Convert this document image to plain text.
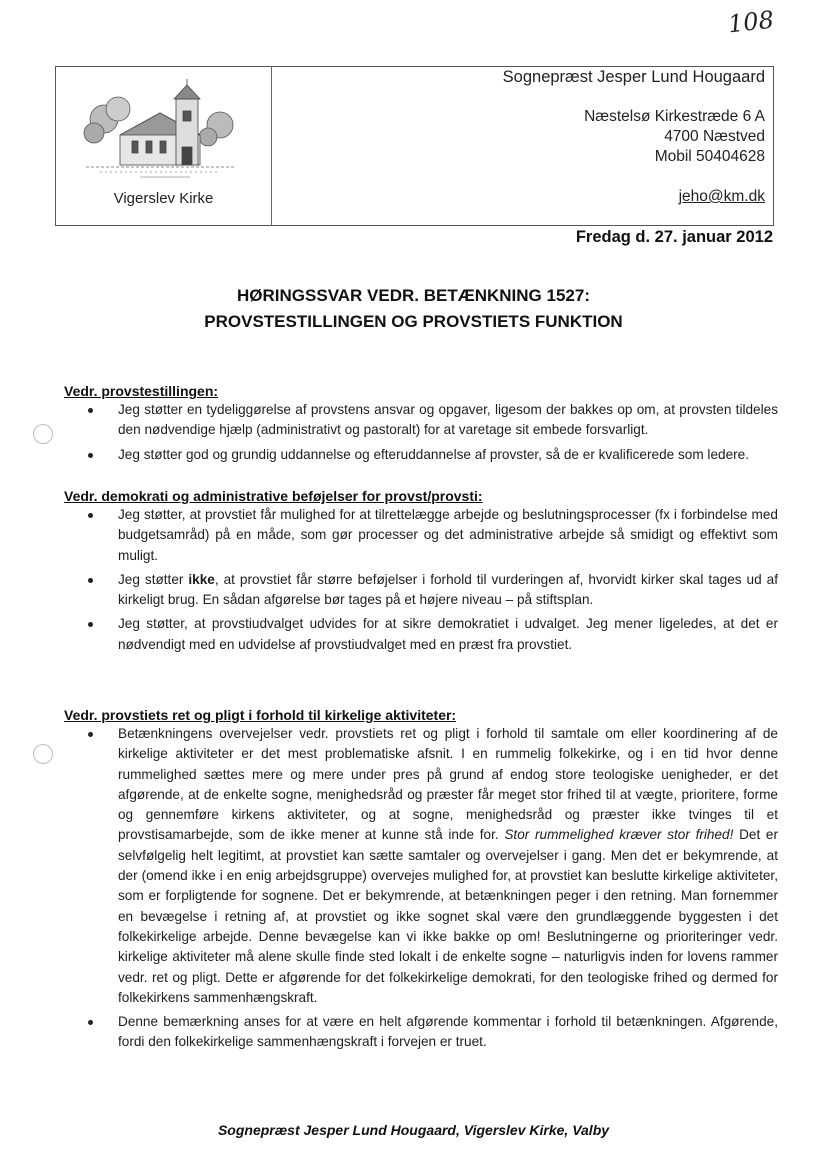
108
Vigerslev Kirke
Sognepræst Jesper Lund Hougaard
Næstelsø Kirkestræde 6 A
4700 Næstved
Mobil 50404628
jeho@km.dk
Fredag d. 27. januar 2012
HØRINGSSVAR VEDR. BETÆNKNING 1527:
PROVSTESTILLINGEN OG PROVSTIETS FUNKTION
Vedr. provstestillingen:
Jeg støtter en tydeliggørelse af provstens ansvar og opgaver, ligesom der bakkes op om, at provsten tildeles den nødvendige hjælp (administrativt og pastoralt) for at varetage sit embede forsvarligt.
Jeg støtter god og grundig uddannelse og efteruddannelse af provster, så de er kvalificerede som ledere.
Vedr. demokrati og administrative beføjelser for provst/provsti:
Jeg støtter, at provstiet får mulighed for at tilrettelægge arbejde og beslutningsprocesser (fx i forbindelse med budgetsamråd) på en måde, som gør processer og det administrative arbejde så smidigt og effektivt som muligt.
Jeg støtter ikke, at provstiet får større beføjelser i forhold til vurderingen af, hvorvidt kirker skal tages ud af kirkeligt brug. En sådan afgørelse bør tages på et højere niveau – på stiftsplan.
Jeg støtter, at provstiudvalget udvides for at sikre demokratiet i udvalget. Jeg mener ligeledes, at det er nødvendigt med en udvidelse af provstiudvalget med en præst fra provstiet.
Vedr. provstiets ret og pligt i forhold til kirkelige aktiviteter:
Betænkningens overvejelser vedr. provstiets ret og pligt i forhold til samtale om eller koordinering af de kirkelige aktiviteter er det mest problematiske afsnit. I en rummelig folkekirke, og i en tid hvor denne rummelighed sættes mere og mere under pres på grund af endog store teologiske uenigheder, er det afgørende, at de enkelte sogne, menighedsråd og præster får meget stor frihed til at vægte, prioritere, forme og gennemføre kirkens aktiviteter, og at sogne, menighedsråd og præster ikke tvinges til et provstisamarbejde, som de ikke mener at kunne stå inde for. Stor rummelighed kræver stor frihed! Det er selvfølgelig helt legitimt, at provstiet kan sætte samtaler og overvejelser i gang. Men det er bekymrende, at der (omend ikke i en enig arbejdsgruppe) overvejes mulighed for, at provstiet kan beslutte kirkelige aktiviteter, som er forpligtende for sognene. Det er bekymrende, at betænkningen peger i den retning. Man fornemmer en bevægelse i retning af, at provstiet og ikke sognet skal være den grundlæggende byggesten i det folkekirkelige arbejde. Denne bevægelse kan vi ikke bakke op om! Beslutningerne og prioriteringer vedr. kirkelige aktiviteter må alene skulle finde sted lokalt i de enkelte sogne – naturligvis inden for lovens rammer vedr. ret og pligt. Dette er afgørende for det folkekirkelige demokrati, for den teologiske frihed og dermed for folkekirkens sammenhængskraft.
Denne bemærkning anses for at være en helt afgørende kommentar i forhold til betænkningen. Afgørende, fordi den folkekirkelige sammenhængskraft i forvejen er truet.
Sognepræst Jesper Lund Hougaard, Vigerslev Kirke, Valby
